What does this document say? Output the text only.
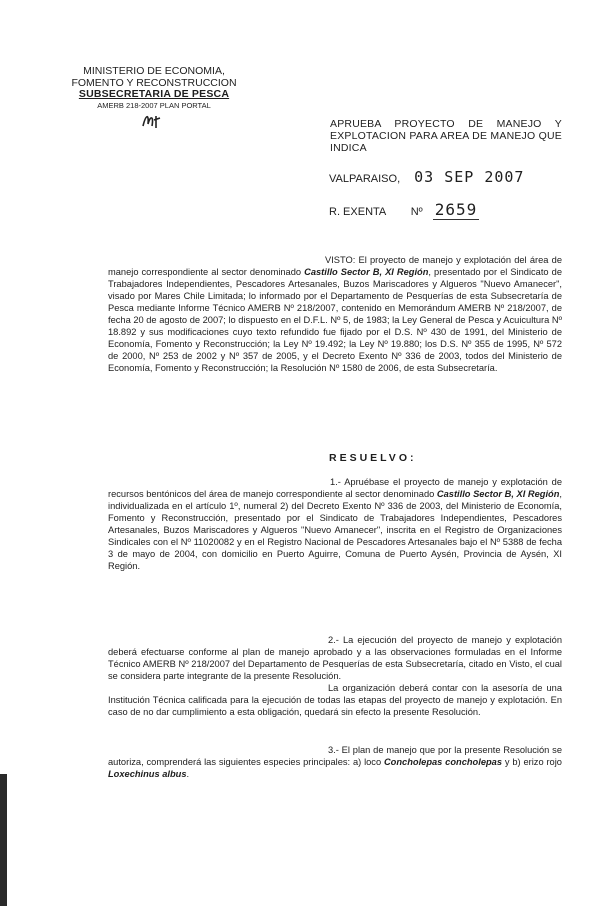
MINISTERIO DE ECONOMIA,
FOMENTO Y RECONSTRUCCION
SUBSECRETARIA DE PESCA
AMERB 218-2007 PLAN PORTAL
APRUEBA PROYECTO DE MANEJO Y EXPLOTACION PARA AREA DE MANEJO QUE INDICA
VALPARAISO, 03 SEP 2007
R. EXENTA
Nº 2659

VISTO: El proyecto de manejo y explotación del área de manejo correspondiente al sector denominado Castillo Sector B, XI Región, presentado por el Sindicato de Trabajadores Independientes, Pescadores Artesanales, Buzos Mariscadores y Algueros "Nuevo Amanecer", visado por Mares Chile Limitada; lo informado por el Departamento de Pesquerías de esta Subsecretaría de Pesca mediante Informe Técnico AMERB Nº 218/2007, contenido en Memorándum AMERB Nº 218/2007, de fecha 20 de agosto de 2007; lo dispuesto en el D.F.L. Nº 5, de 1983; la Ley General de Pesca y Acuicultura Nº 18.892 y sus modificaciones cuyo texto refundido fue fijado por el D.S. Nº 430 de 1991, del Ministerio de Economía, Fomento y Reconstrucción; la Ley Nº 19.492; la Ley Nº 19.880; los D.S. Nº 355 de 1995, Nº 572 de 2000, Nº 253 de 2002 y Nº 357 de 2005, y el Decreto Exento Nº 336 de 2003, todos del Ministerio de Economía, Fomento y Reconstrucción; la Resolución Nº 1580 de 2006, de esta Subsecretaría.

RESUELVO:

1.- Apruébase el proyecto de manejo y explotación de recursos bentónicos del área de manejo correspondiente al sector denominado Castillo Sector B, XI Región, individualizada en el artículo 1º, numeral 2) del Decreto Exento Nº 336 de 2003, del Ministerio de Economía, Fomento y Reconstrucción, presentado por el Sindicato de Trabajadores Independientes, Pescadores Artesanales, Buzos Mariscadores y Algueros "Nuevo Amanecer", inscrita en el Registro de Organizaciones Sindicales con el Nº 11020082 y en el Registro Nacional de Pescadores Artesanales bajo el Nº 5388 de fecha 3 de mayo de 2004, con domicilio en Puerto Aguirre, Comuna de Puerto Aysén, Provincia de Aysén, XI Región.

2.- La ejecución del proyecto de manejo y explotación deberá efectuarse conforme al plan de manejo aprobado y a las observaciones formuladas en el Informe Técnico AMERB Nº 218/2007 del Departamento de Pesquerías de esta Subsecretaría, citado en Visto, el cual se considera parte integrante de la presente Resolución.

La organización deberá contar con la asesoría de una Institución Técnica calificada para la ejecución de todas las etapas del proyecto de manejo y explotación. En caso de no dar cumplimiento a esta obligación, quedará sin efecto la presente Resolución.

3.- El plan de manejo que por la presente Resolución se autoriza, comprenderá las siguientes especies principales: a) loco Concholepas concholepas y b) erizo rojo Loxechinus albus.
